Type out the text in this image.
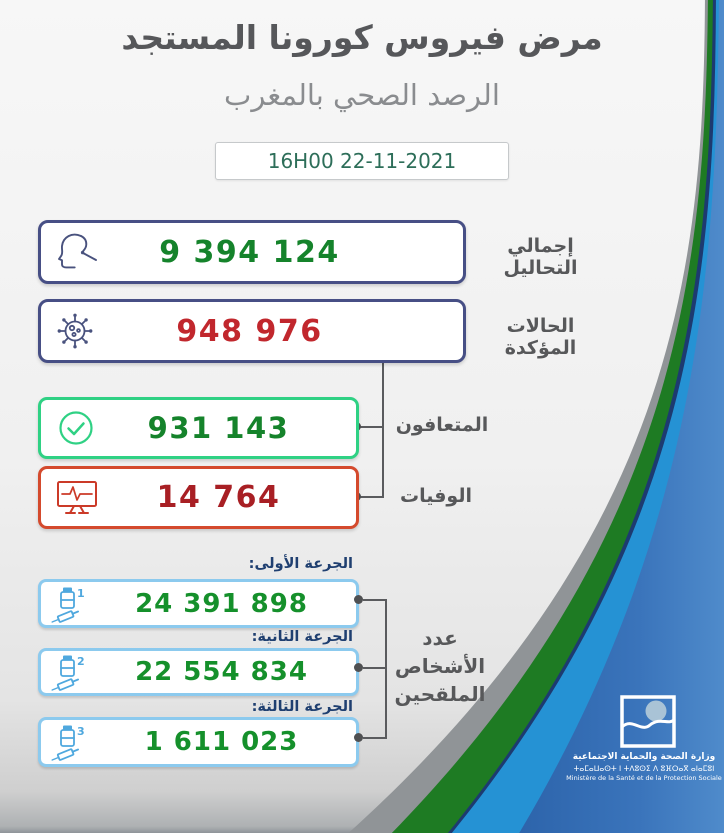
مرض فيروس كورونا المستجد
الرصد الصحي بالمغرب
16H00 22-11-2021
9 394 124	إجمالي التحاليل
948 976	الحالات المؤكدة
931 143	المتعافون
14 764	الوفيات
الجرعة الأولى:
1	24 391 898
الجرعة الثانية:
2	22 554 834
الجرعة الثالثة:
3	1 611 023
عدد
الأشخاص
الملقحين
وزارة الصحة والحماية الاجتماعية
ⵜⴰⵎⴰⵡⴰⵙⵜ ⵏ ⵜⴷⵓⵙⵉ ⴷ ⵓⴼⵔⴰⴳ ⴰⵏⴰⵎⵓⵏ
Ministère de la Santé et de la Protection Sociale
